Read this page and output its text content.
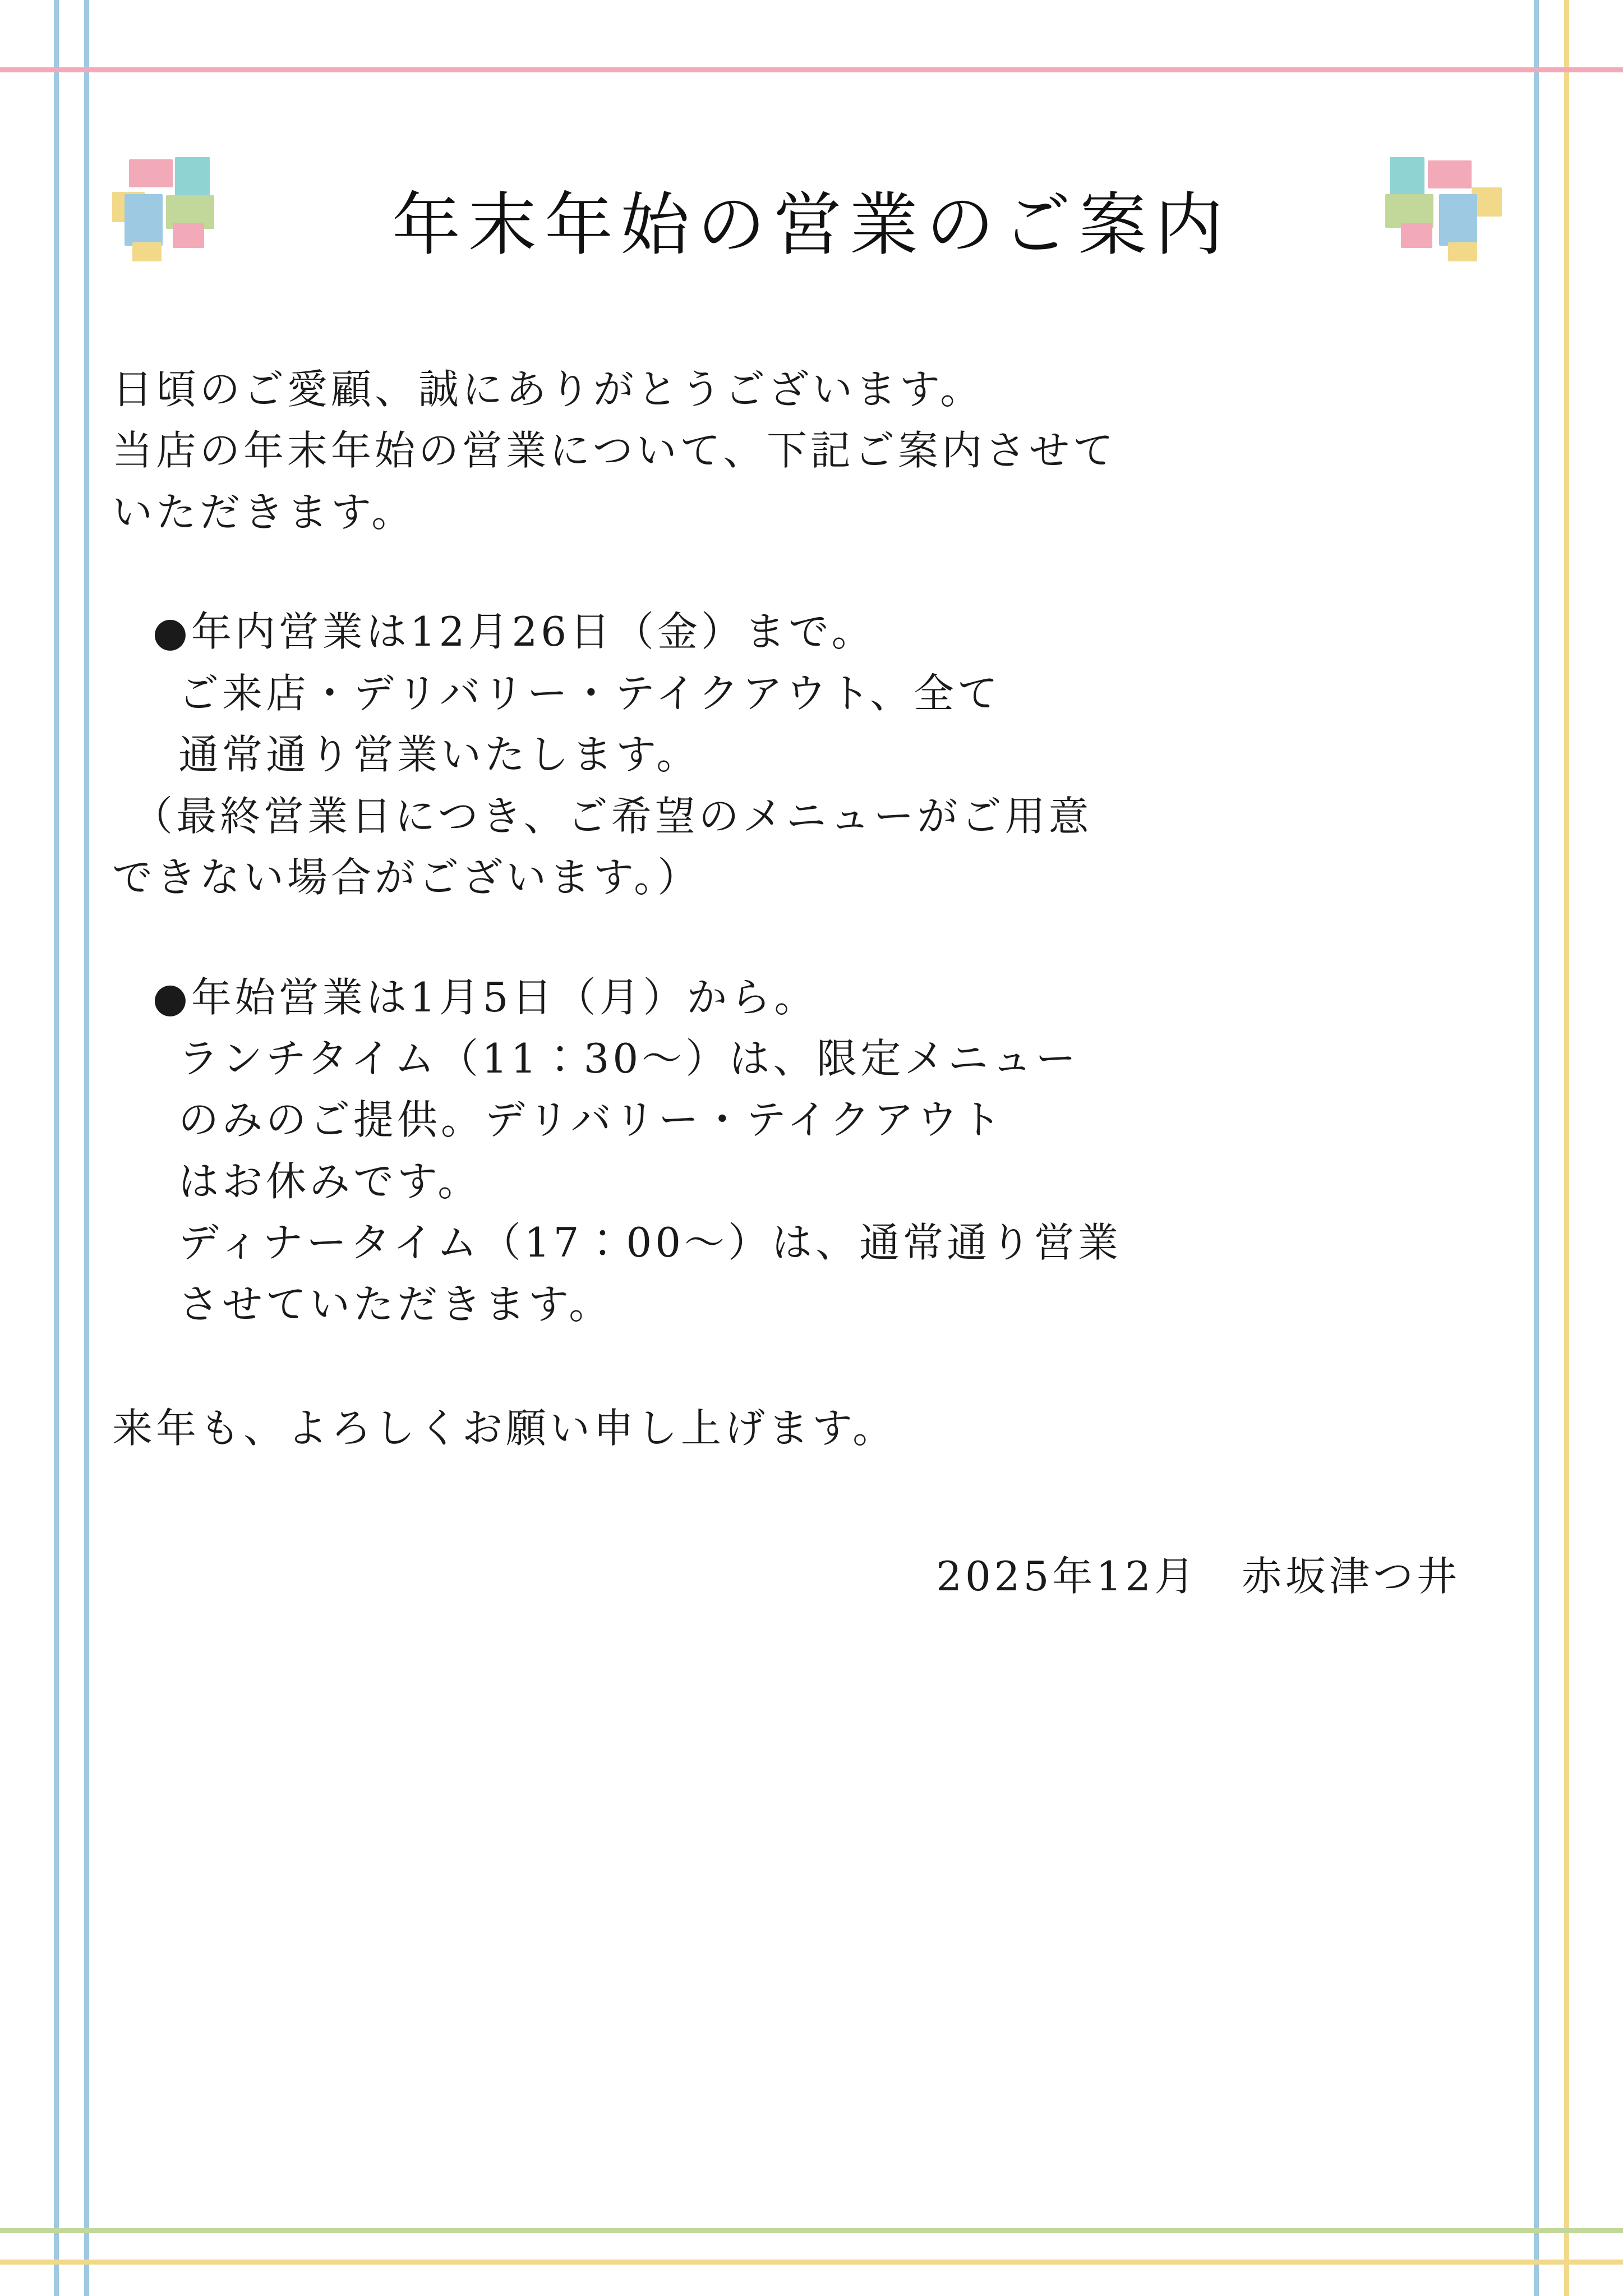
年末年始の営業のご案内
日頃のご愛顧、誠にありがとうございます。
当店の年末年始の営業について、下記ご案内させて
いただきます。
●年内営業は12月26日（金）まで。
ご来店・デリバリー・テイクアウト、全て
通常通り営業いたします。
（最終営業日につき、ご希望のメニューがご用意
できない場合がございます。）
●年始営業は1月5日（月）から。
ランチタイム（11：30〜）は、限定メニュー
のみのご提供。デリバリー・テイクアウト
はお休みです。
ディナータイム（17：00〜）は、通常通り営業
させていただきます。
来年も、よろしくお願い申し上げます。
2025年12月　赤坂津つ井
